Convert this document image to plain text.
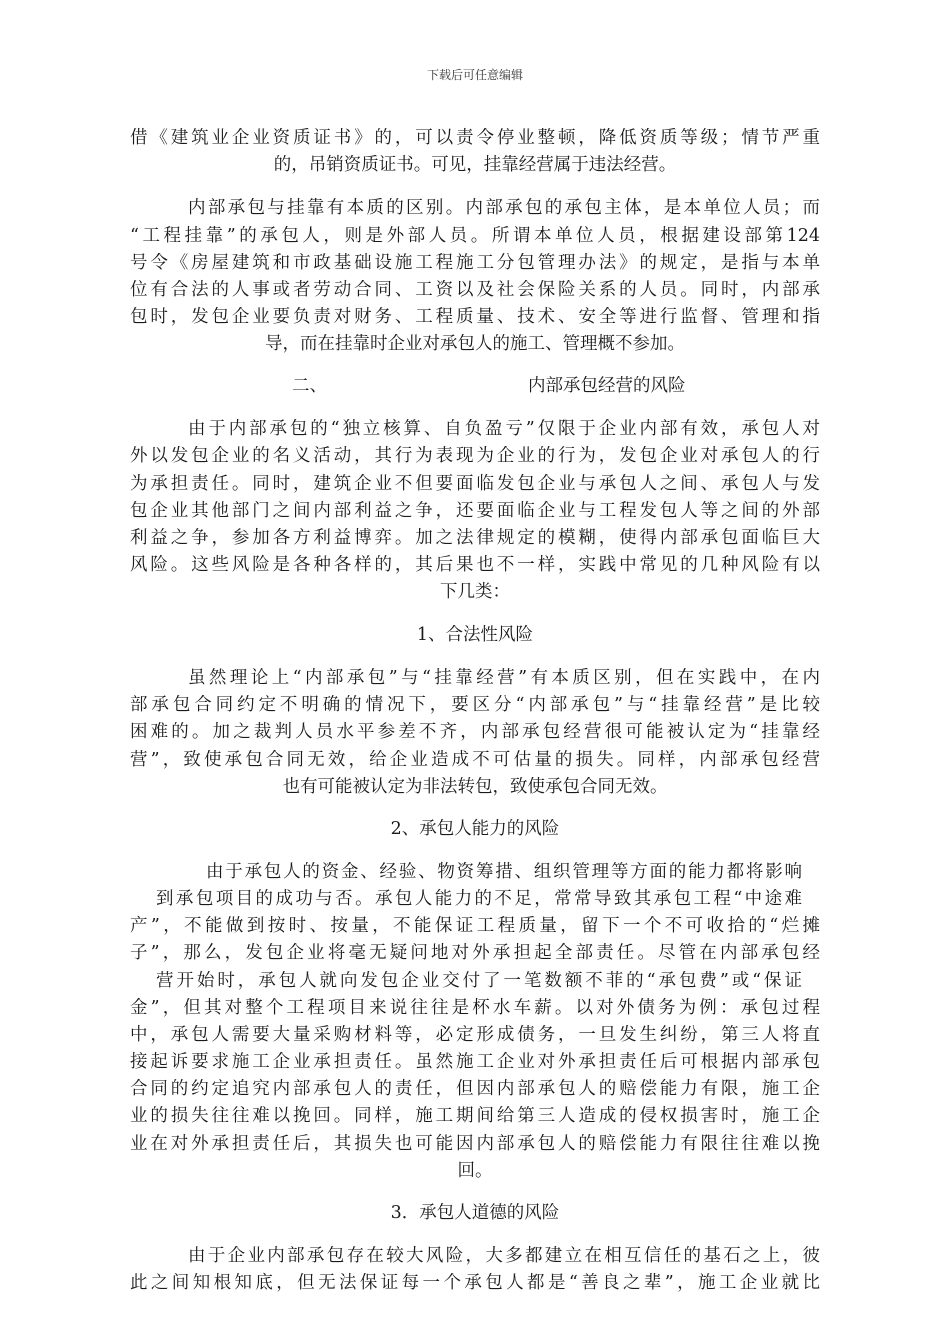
下载后可任意编辑
借《建筑业企业资质证书》的，可以责令停业整顿，降低资质等级；情节严重
的，吊销资质证书。可见，挂靠经营属于违法经营。
内部承包与挂靠有本质的区别。内部承包的承包主体，是本单位人员；而
“工程挂靠”的承包人，则是外部人员。所谓本单位人员，根据建设部第124
号令《房屋建筑和市政基础设施工程施工分包管理办法》的规定，是指与本单
位有合法的人事或者劳动合同、工资以及社会保险关系的人员。同时，内部承
包时，发包企业要负责对财务、工程质量、技术、安全等进行监督、管理和指
导，而在挂靠时企业对承包人的施工、管理概不参加。
二、	内部承包经营的风险
由于内部承包的“独立核算、自负盈亏”仅限于企业内部有效，承包人对
外以发包企业的名义活动，其行为表现为企业的行为，发包企业对承包人的行
为承担责任。同时，建筑企业不但要面临发包企业与承包人之间、承包人与发
包企业其他部门之间内部利益之争，还要面临企业与工程发包人等之间的外部
利益之争，参加各方利益博弈。加之法律规定的模糊，使得内部承包面临巨大
风险。这些风险是各种各样的，其后果也不一样，实践中常见的几种风险有以
下几类：
1、合法性风险
虽然理论上“内部承包”与“挂靠经营”有本质区别，但在实践中，在内
部承包合同约定不明确的情况下，要区分“内部承包”与“挂靠经营”是比较
困难的。加之裁判人员水平参差不齐，内部承包经营很可能被认定为“挂靠经
营”，致使承包合同无效，给企业造成不可估量的损失。同样，内部承包经营
也有可能被认定为非法转包，致使承包合同无效。
2、承包人能力的风险
由于承包人的资金、经验、物资筹措、组织管理等方面的能力都将影响
到承包项目的成功与否。承包人能力的不足，常常导致其承包工程“中途难
产”，不能做到按时、按量，不能保证工程质量，留下一个不可收拾的“烂摊
子”，那么，发包企业将毫无疑问地对外承担起全部责任。尽管在内部承包经
营开始时，承包人就向发包企业交付了一笔数额不菲的“承包费”或“保证
金”，但其对整个工程项目来说往往是杯水车薪。以对外债务为例：承包过程
中，承包人需要大量采购材料等，必定形成债务，一旦发生纠纷，第三人将直
接起诉要求施工企业承担责任。虽然施工企业对外承担责任后可根据内部承包
合同的约定追究内部承包人的责任，但因内部承包人的赔偿能力有限，施工企
业的损失往往难以挽回。同样，施工期间给第三人造成的侵权损害时，施工企
业在对外承担责任后，其损失也可能因内部承包人的赔偿能力有限往往难以挽
回。
3．承包人道德的风险
由于企业内部承包存在较大风险，大多都建立在相互信任的基石之上，彼
此之间知根知底，但无法保证每一个承包人都是“善良之辈”，施工企业就比
